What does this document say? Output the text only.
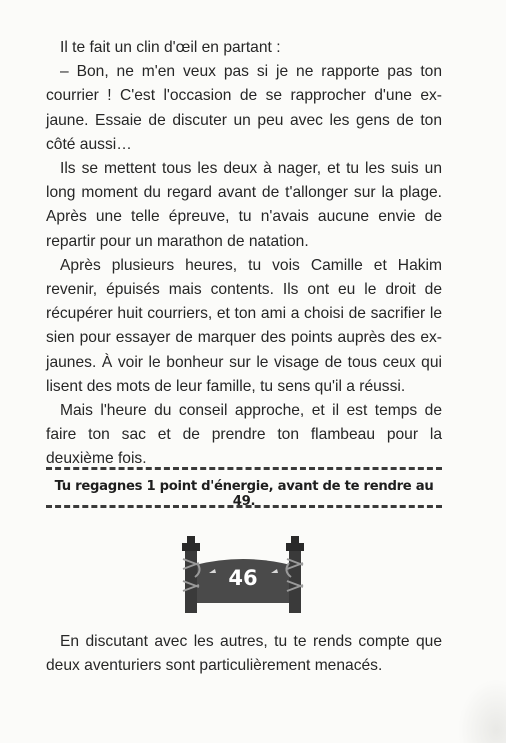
Il te fait un clin d'œil en partant :

– Bon, ne m'en veux pas si je ne rapporte pas ton courrier ! C'est l'occasion de se rapprocher d'une ex-jaune. Essaie de discuter un peu avec les gens de ton côté aussi…

Ils se mettent tous les deux à nager, et tu les suis un long moment du regard avant de t'allonger sur la plage. Après une telle épreuve, tu n'avais aucune envie de repartir pour un marathon de natation.

Après plusieurs heures, tu vois Camille et Hakim revenir, épuisés mais contents. Ils ont eu le droit de récupérer huit courriers, et ton ami a choisi de sacrifier le sien pour essayer de marquer des points auprès des ex-jaunes. À voir le bonheur sur le visage de tous ceux qui lisent des mots de leur famille, tu sens qu'il a réussi.

Mais l'heure du conseil approche, et il est temps de faire ton sac et de prendre ton flambeau pour la deuxième fois.

Tu regagnes 1 point d'énergie, avant de te rendre au 49.
46

En discutant avec les autres, tu te rends compte que deux aventuriers sont particulièrement menacés.
